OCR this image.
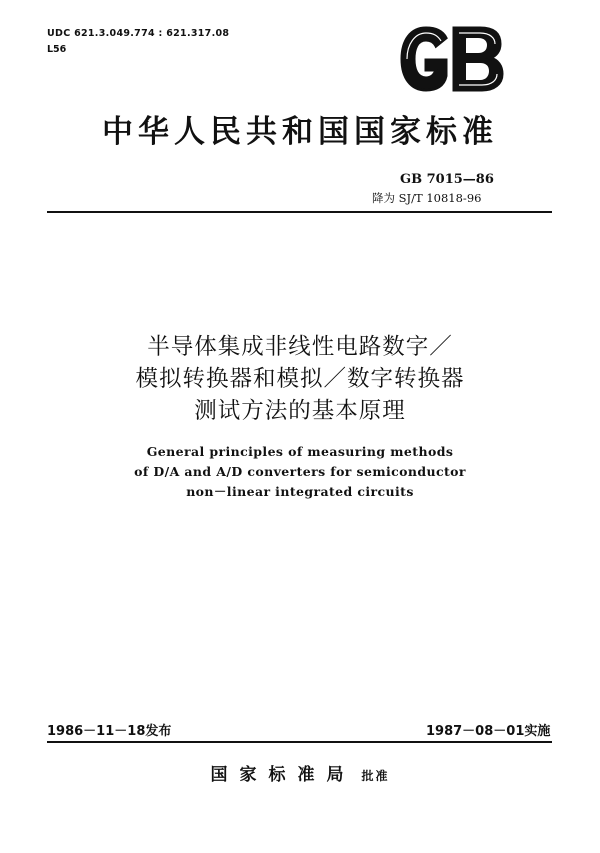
UDC 621.3.049.774 : 621.317.08
L56
GB
中华人民共和国国家标准
GB 7015—86
降为 SJ/T 10818-96
半导体集成非线性电路数字／
模拟转换器和模拟／数字转换器
测试方法的基本原理
General principles of measuring methods
of D/A and A/D converters for semiconductor
non－linear integrated circuits
1986－11－18发布	1987－08－01实施
国家标准局 批准
